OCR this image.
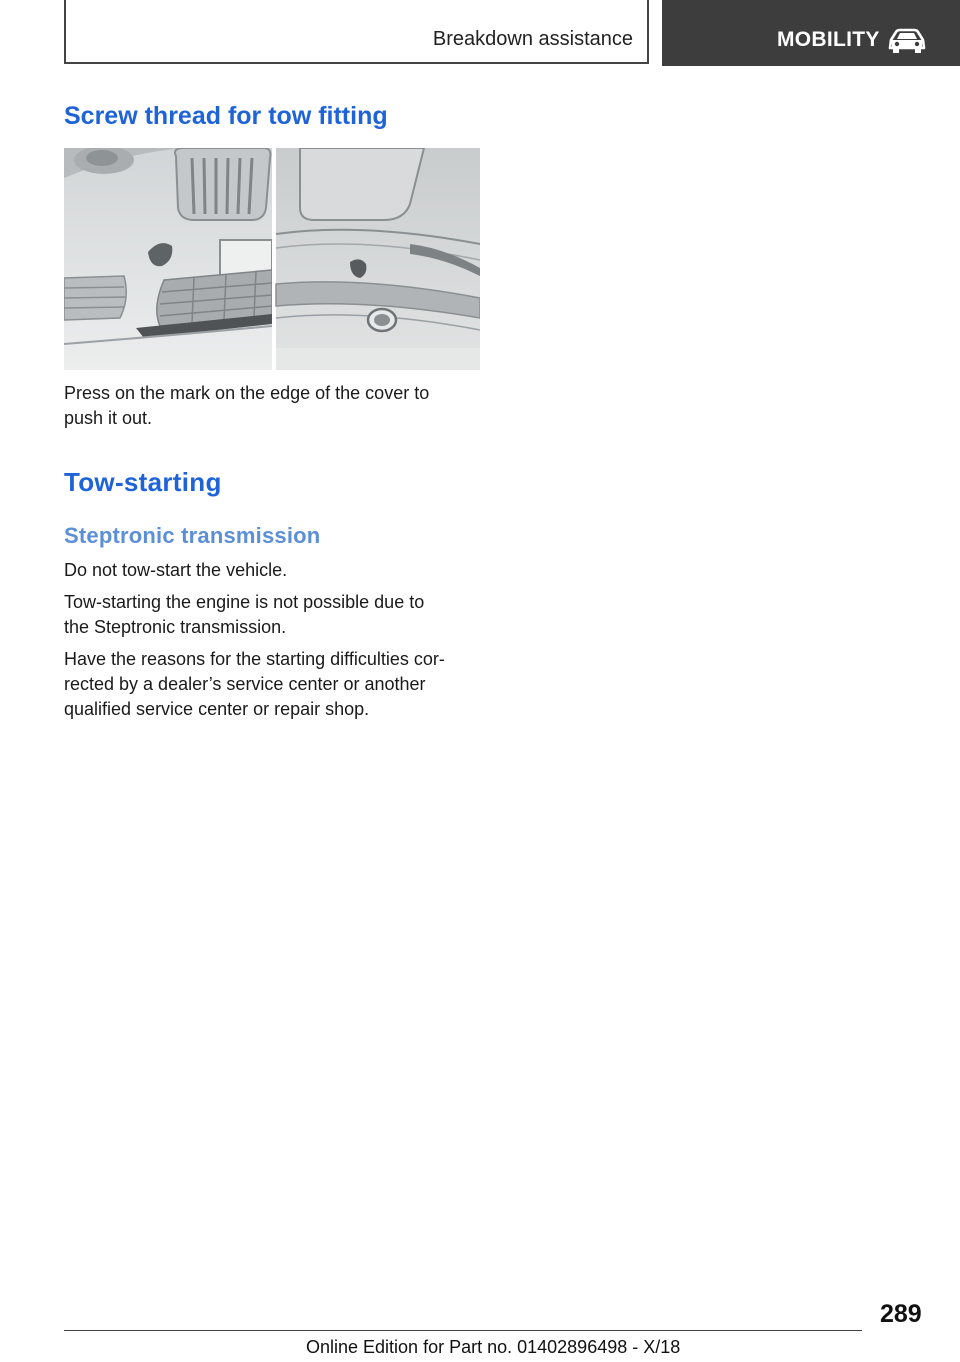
Breakdown assistance	MOBILITY
Screw thread for tow fitting

Press on the mark on the edge of the cover to
push it out.

Tow-starting
Steptronic transmission

Do not tow-start the vehicle.

Tow-starting the engine is not possible due to
the Steptronic transmission.

Have the reasons for the starting difficulties cor-
rected by a dealer’s service center or another
qualified service center or repair shop.

289
Online Edition for Part no. 01402896498 - X/18
